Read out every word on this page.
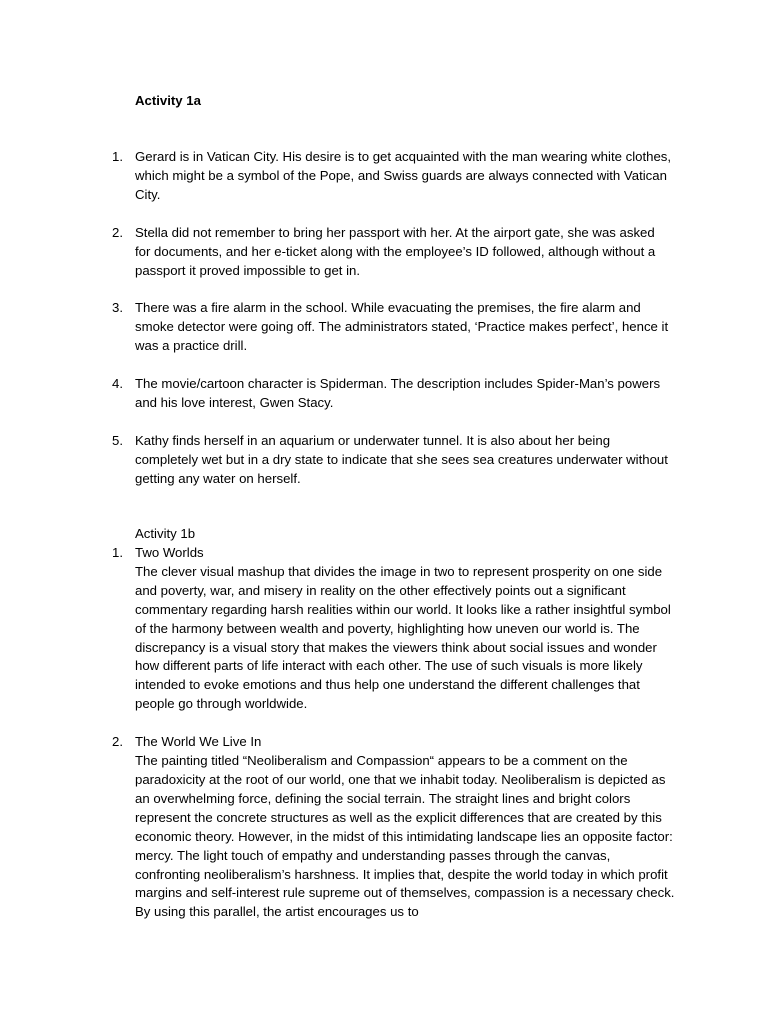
Activity 1a
1. Gerard is in Vatican City. His desire is to get acquainted with the man wearing white clothes, which might be a symbol of the Pope, and Swiss guards are always connected with Vatican City.
2. Stella did not remember to bring her passport with her. At the airport gate, she was asked for documents, and her e-ticket along with the employee’s ID followed, although without a passport it proved impossible to get in.
3. There was a fire alarm in the school. While evacuating the premises, the fire alarm and smoke detector were going off. The administrators stated, ‘Practice makes perfect’, hence it was a practice drill.
4. The movie/cartoon character is Spiderman. The description includes Spider-Man’s powers and his love interest, Gwen Stacy.
5. Kathy finds herself in an aquarium or underwater tunnel. It is also about her being completely wet but in a dry state to indicate that she sees sea creatures underwater without getting any water on herself.
Activity 1b
1. Two Worlds
The clever visual mashup that divides the image in two to represent prosperity on one side and poverty, war, and misery in reality on the other effectively points out a significant commentary regarding harsh realities within our world. It looks like a rather insightful symbol of the harmony between wealth and poverty, highlighting how uneven our world is. The discrepancy is a visual story that makes the viewers think about social issues and wonder how different parts of life interact with each other. The use of such visuals is more likely intended to evoke emotions and thus help one understand the different challenges that people go through worldwide.
2. The World We Live In
The painting titled “Neoliberalism and Compassion“ appears to be a comment on the paradoxicity at the root of our world, one that we inhabit today. Neoliberalism is depicted as an overwhelming force, defining the social terrain. The straight lines and bright colors represent the concrete structures as well as the explicit differences that are created by this economic theory. However, in the midst of this intimidating landscape lies an opposite factor: mercy. The light touch of empathy and understanding passes through the canvas, confronting neoliberalism’s harshness. It implies that, despite the world today in which profit margins and self-interest rule supreme out of themselves, compassion is a necessary check. By using this parallel, the artist encourages us to
